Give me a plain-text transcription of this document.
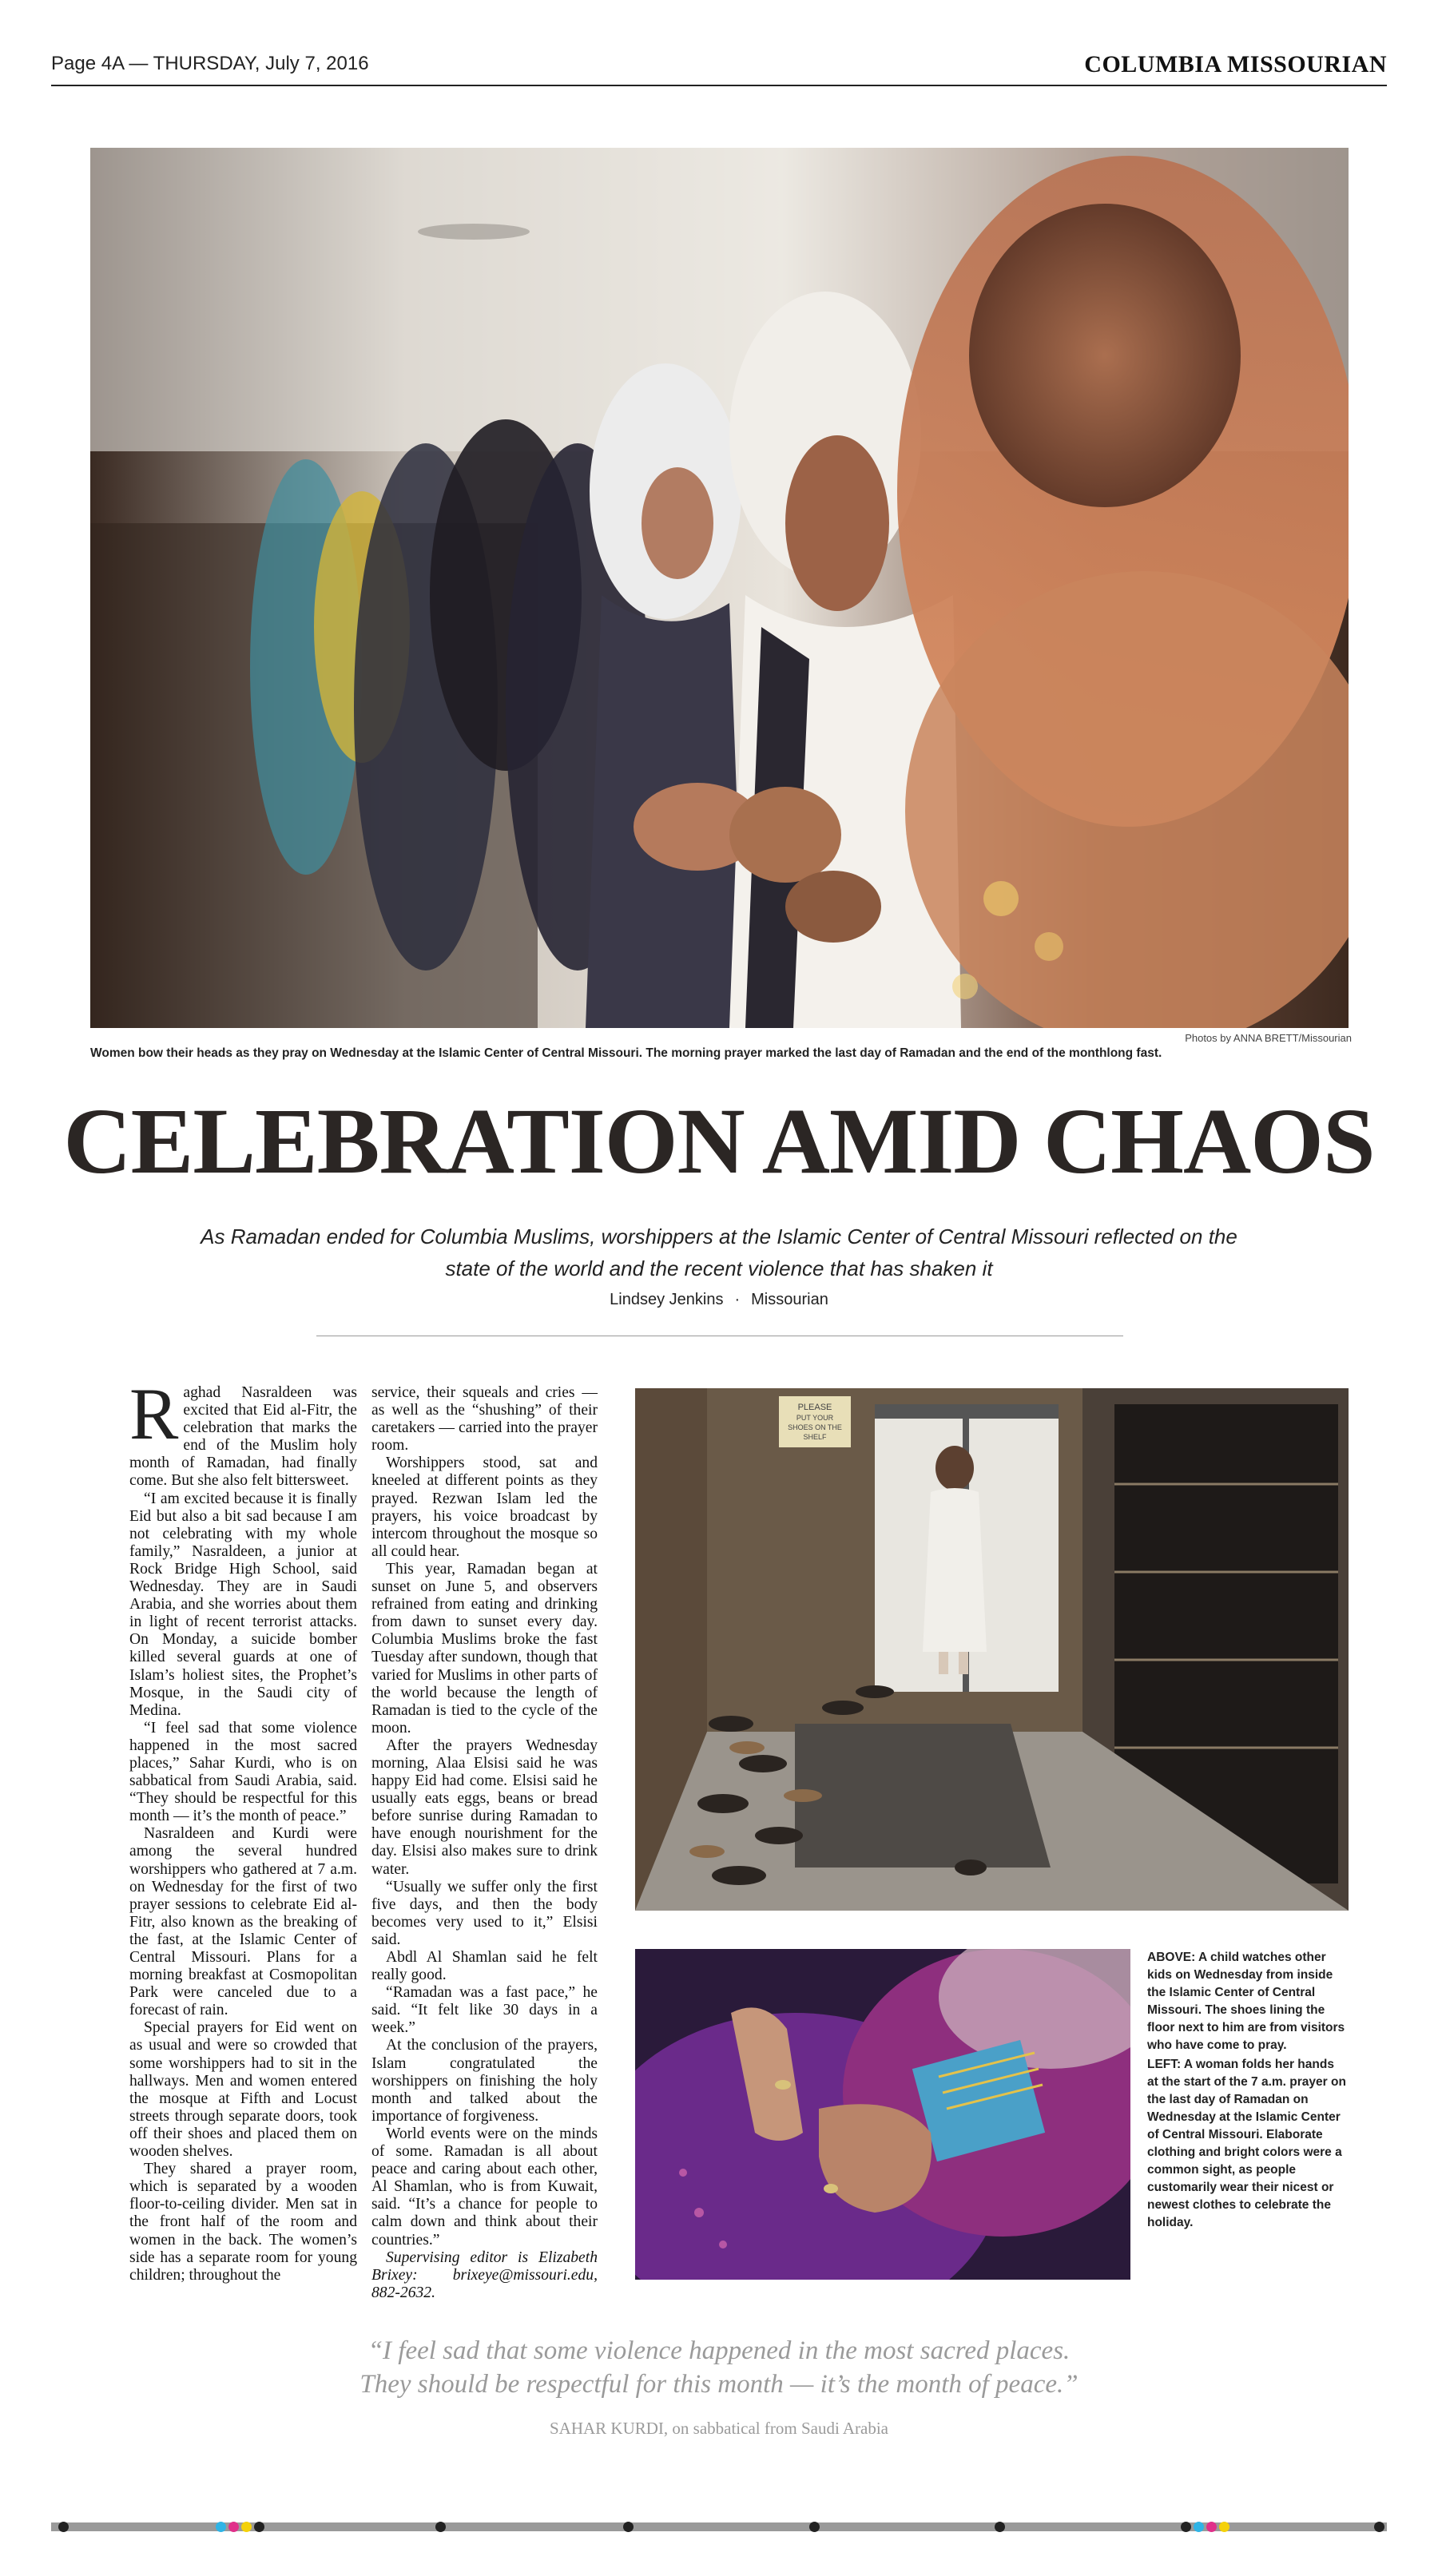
Page 4A — THURSDAY, July 7, 2016	COLUMBIA MISSOURIAN
Photos by ANNA BRETT/Missourian
Women bow their heads as they pray on Wednesday at the Islamic Center of Central Missouri. The morning prayer marked the last day of Ramadan and the end of the monthlong fast.
CELEBRATION AMID CHAOS
As Ramadan ended for Columbia Muslims, worshippers at the Islamic Center of Central Missouri reflected on the state of the world and the recent violence that has shaken it
Lindsey Jenkins · Missourian

Raghad Nasraldeen was excited that Eid al-Fitr, the celebration that marks the end of the Muslim holy month of Ramadan, had finally come. But she also felt bittersweet.

“I am excited because it is finally Eid but also a bit sad because I am not celebrating with my whole family,” Nasraldeen, a junior at Rock Bridge High School, said Wednesday. They are in Saudi Arabia, and she worries about them in light of recent terrorist attacks. On Monday, a suicide bomber killed several guards at one of Islam’s holiest sites, the Prophet’s Mosque, in the Saudi city of Medina.

“I feel sad that some violence happened in the most sacred places,” Sahar Kurdi, who is on sabbatical from Saudi Arabia, said. “They should be respectful for this month — it’s the month of peace.”

Nasraldeen and Kurdi were among the several hundred worshippers who gathered at 7 a.m. on Wednesday for the first of two prayer sessions to celebrate Eid al-Fitr, also known as the breaking of the fast, at the Islamic Center of Central Missouri. Plans for a morning breakfast at Cosmopolitan Park were canceled due to a forecast of rain.

Special prayers for Eid went on as usual and were so crowded that some worshippers had to sit in the hallways. Men and women entered the mosque at Fifth and Locust streets through separate doors, took off their shoes and placed them on wooden shelves.

They shared a prayer room, which is separated by a wooden floor-to-ceiling divider. Men sat in the front half of the room and women in the back. The women’s side has a separate room for young children; throughout the

service, their squeals and cries — as well as the “shushing” of their caretakers — carried into the prayer room.

Worshippers stood, sat and kneeled at different points as they prayed. Rezwan Islam led the prayers, his voice broadcast by intercom throughout the mosque so all could hear.

This year, Ramadan began at sunset on June 5, and observers refrained from eating and drinking from dawn to sunset every day. Columbia Muslims broke the fast Tuesday after sundown, though that varied for Muslims in other parts of the world because the length of Ramadan is tied to the cycle of the moon.

After the prayers Wednesday morning, Alaa Elsisi said he was happy Eid had come. Elsisi said he usually eats eggs, beans or bread before sunrise during Ramadan to have enough nourishment for the day. Elsisi also makes sure to drink water.

“Usually we suffer only the first five days, and then the body becomes very used to it,” Elsisi said.

Abdl Al Shamlan said he felt really good.

“Ramadan was a fast pace,” he said. “It felt like 30 days in a week.”

At the conclusion of the prayers, Islam congratulated the worshippers on finishing the holy month and talked about the importance of forgiveness.

World events were on the minds of some. Ramadan is all about peace and caring about each other, Al Shamlan, who is from Kuwait, said. “It’s a chance for people to calm down and think about their countries.”

Supervising editor is Elizabeth Brixey: brixeye@missouri.edu, 882-2632.

PLEASE
PUT YOUR
SHOES ON THE
SHELF

ABOVE: A child watches other kids on Wednesday from inside the Islamic Center of Central Missouri. The shoes lining the floor next to him are from visitors who have come to pray.

LEFT: A woman folds her hands at the start of the 7 a.m. prayer on the last day of Ramadan on Wednesday at the Islamic Center of Central Missouri. Elaborate clothing and bright colors were a common sight, as people customarily wear their nicest or newest clothes to celebrate the holiday.

“I feel sad that some violence happened in the most sacred places.
They should be respectful for this month — it’s the month of peace.”
SAHAR KURDI, on sabbatical from Saudi Arabia
